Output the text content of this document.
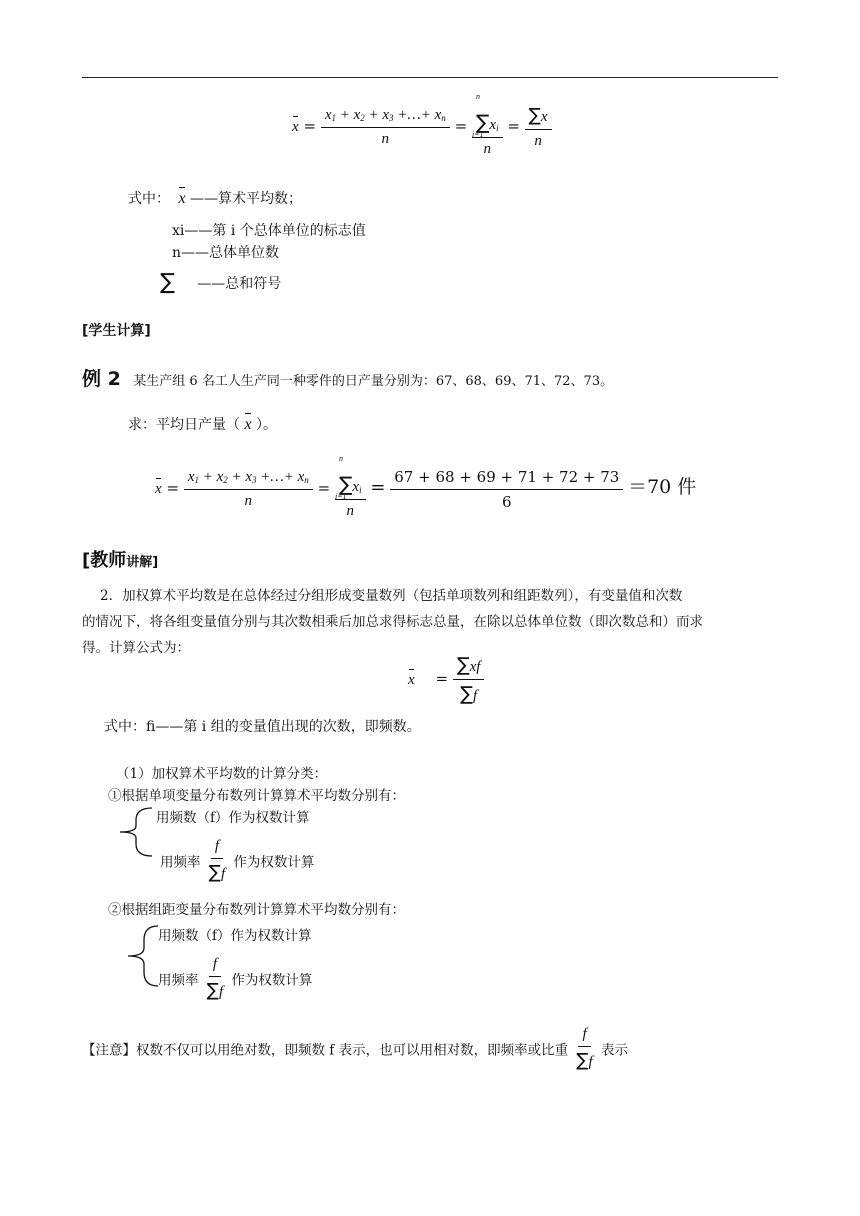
$x = \frac{x_1 + x_2 + x_3 +\dots+ x_n}{n} = n$
$\sum x_i$
i=1
$n = \frac{\sum x}{n}$
式中： x ——算术平均数；
xi——第 i 个总体单位的标志值
n——总体单位数
∑ ——总和符号
[学生计算]
例 2 某生产组 6 名工人生产同一种零件的日产量分别为：67、68、69、71、72、73。
求：平均日产量（ x ）。
$x = \frac{x_1 + x_2 + x_3 +\dots+ x_n}{n} = n$
$\sum x_i$
i=1
$n = \frac{67 + 68 + 69 + 71 + 72 + 73}{6} =70$ 件
[教师讲解]
2．加权算术平均数是在总体经过分组形成变量数列（包括单项数列和组距数列），有变量值和次数
的情况下，将各组变量值分别与其次数相乘后加总求得标志总量，在除以总体单位数（即次数总和）而求
得。计算公式为：
$x = \frac{\sum xf}{\sum f}$
式中：fi——第 i 组的变量值出现的次数，即频数。
（1）加权算术平均数的计算分类：
①根据单项变量分布数列计算算术平均数分别有：
用频数（f）作为权数计算
用频率 $\frac{f}{\sum f}$ 作为权数计算
②根据组距变量分布数列计算算术平均数分别有：
用频数（f）作为权数计算
用频率 $\frac{f}{\sum f}$ 作为权数计算
【注意】权数不仅可以用绝对数，即频数 f 表示，也可以用相对数，即频率或比重 $\frac{f}{\sum f}$ 表示
